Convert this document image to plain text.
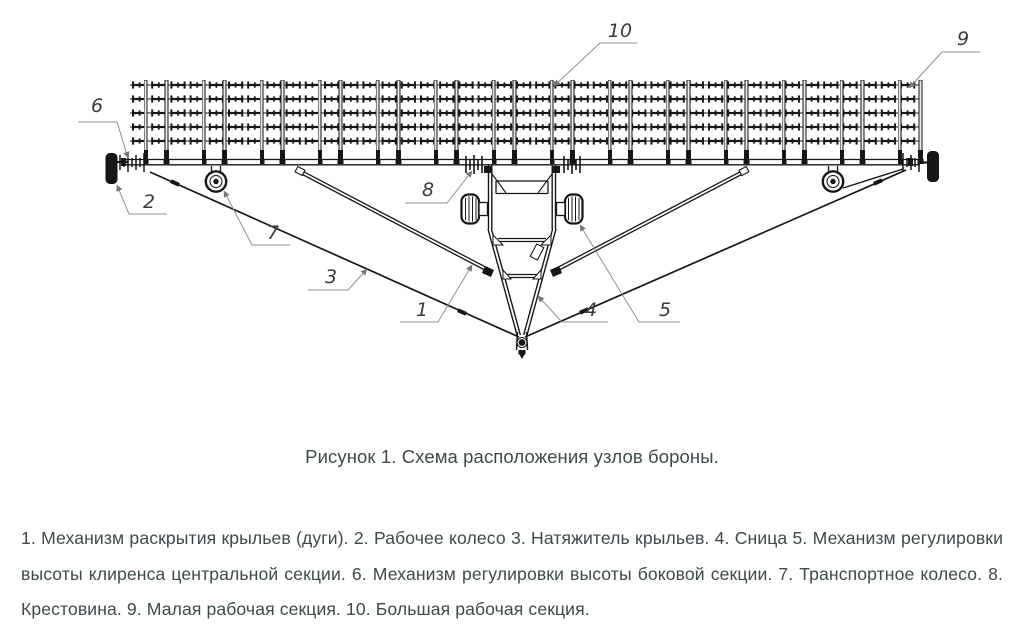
1
2
3
4	5
6
7
8
9
10
Рисунок 1. Схема расположения узлов бороны.
1. Механизм раскрытия крыльев (дуги). 2. Рабочее колесо 3. Натяжитель крыльев. 4. Сница 5. Механизм регулировки высоты клиренса центральной секции. 6. Механизм регулировки высоты боковой секции. 7. Транспортное колесо. 8. Крестовина. 9. Малая рабочая секция. 10. Большая рабочая секция.
